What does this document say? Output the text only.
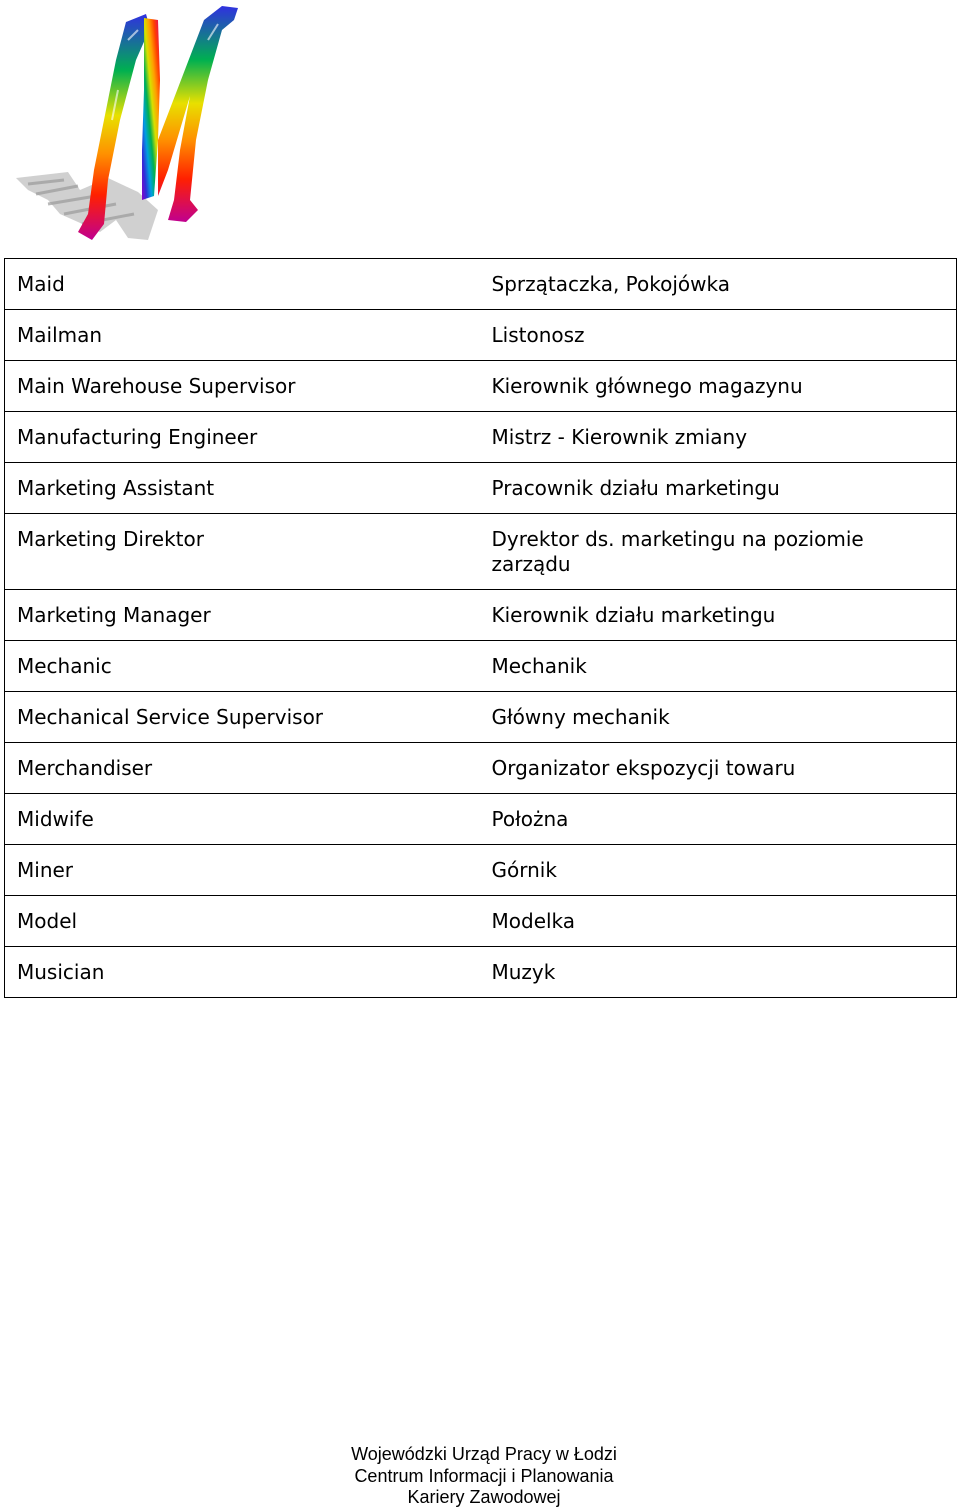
Maid	Sprzątaczka, Pokojówka
Mailman	Listonosz
Main Warehouse Supervisor	Kierownik głównego magazynu
Manufacturing Engineer	Mistrz - Kierownik zmiany
Marketing Assistant	Pracownik działu marketingu
Marketing Direktor	Dyrektor ds. marketingu na poziomie zarządu
Marketing Manager	Kierownik działu marketingu
Mechanic	Mechanik
Mechanical Service Supervisor	Główny mechanik
Merchandiser	Organizator ekspozycji towaru
Midwife	Położna
Miner	Górnik
Model	Modelka
Musician	Muzyk
Wojewódzki Urząd Pracy w Łodzi
Centrum Informacji i Planowania
Kariery Zawodowej
